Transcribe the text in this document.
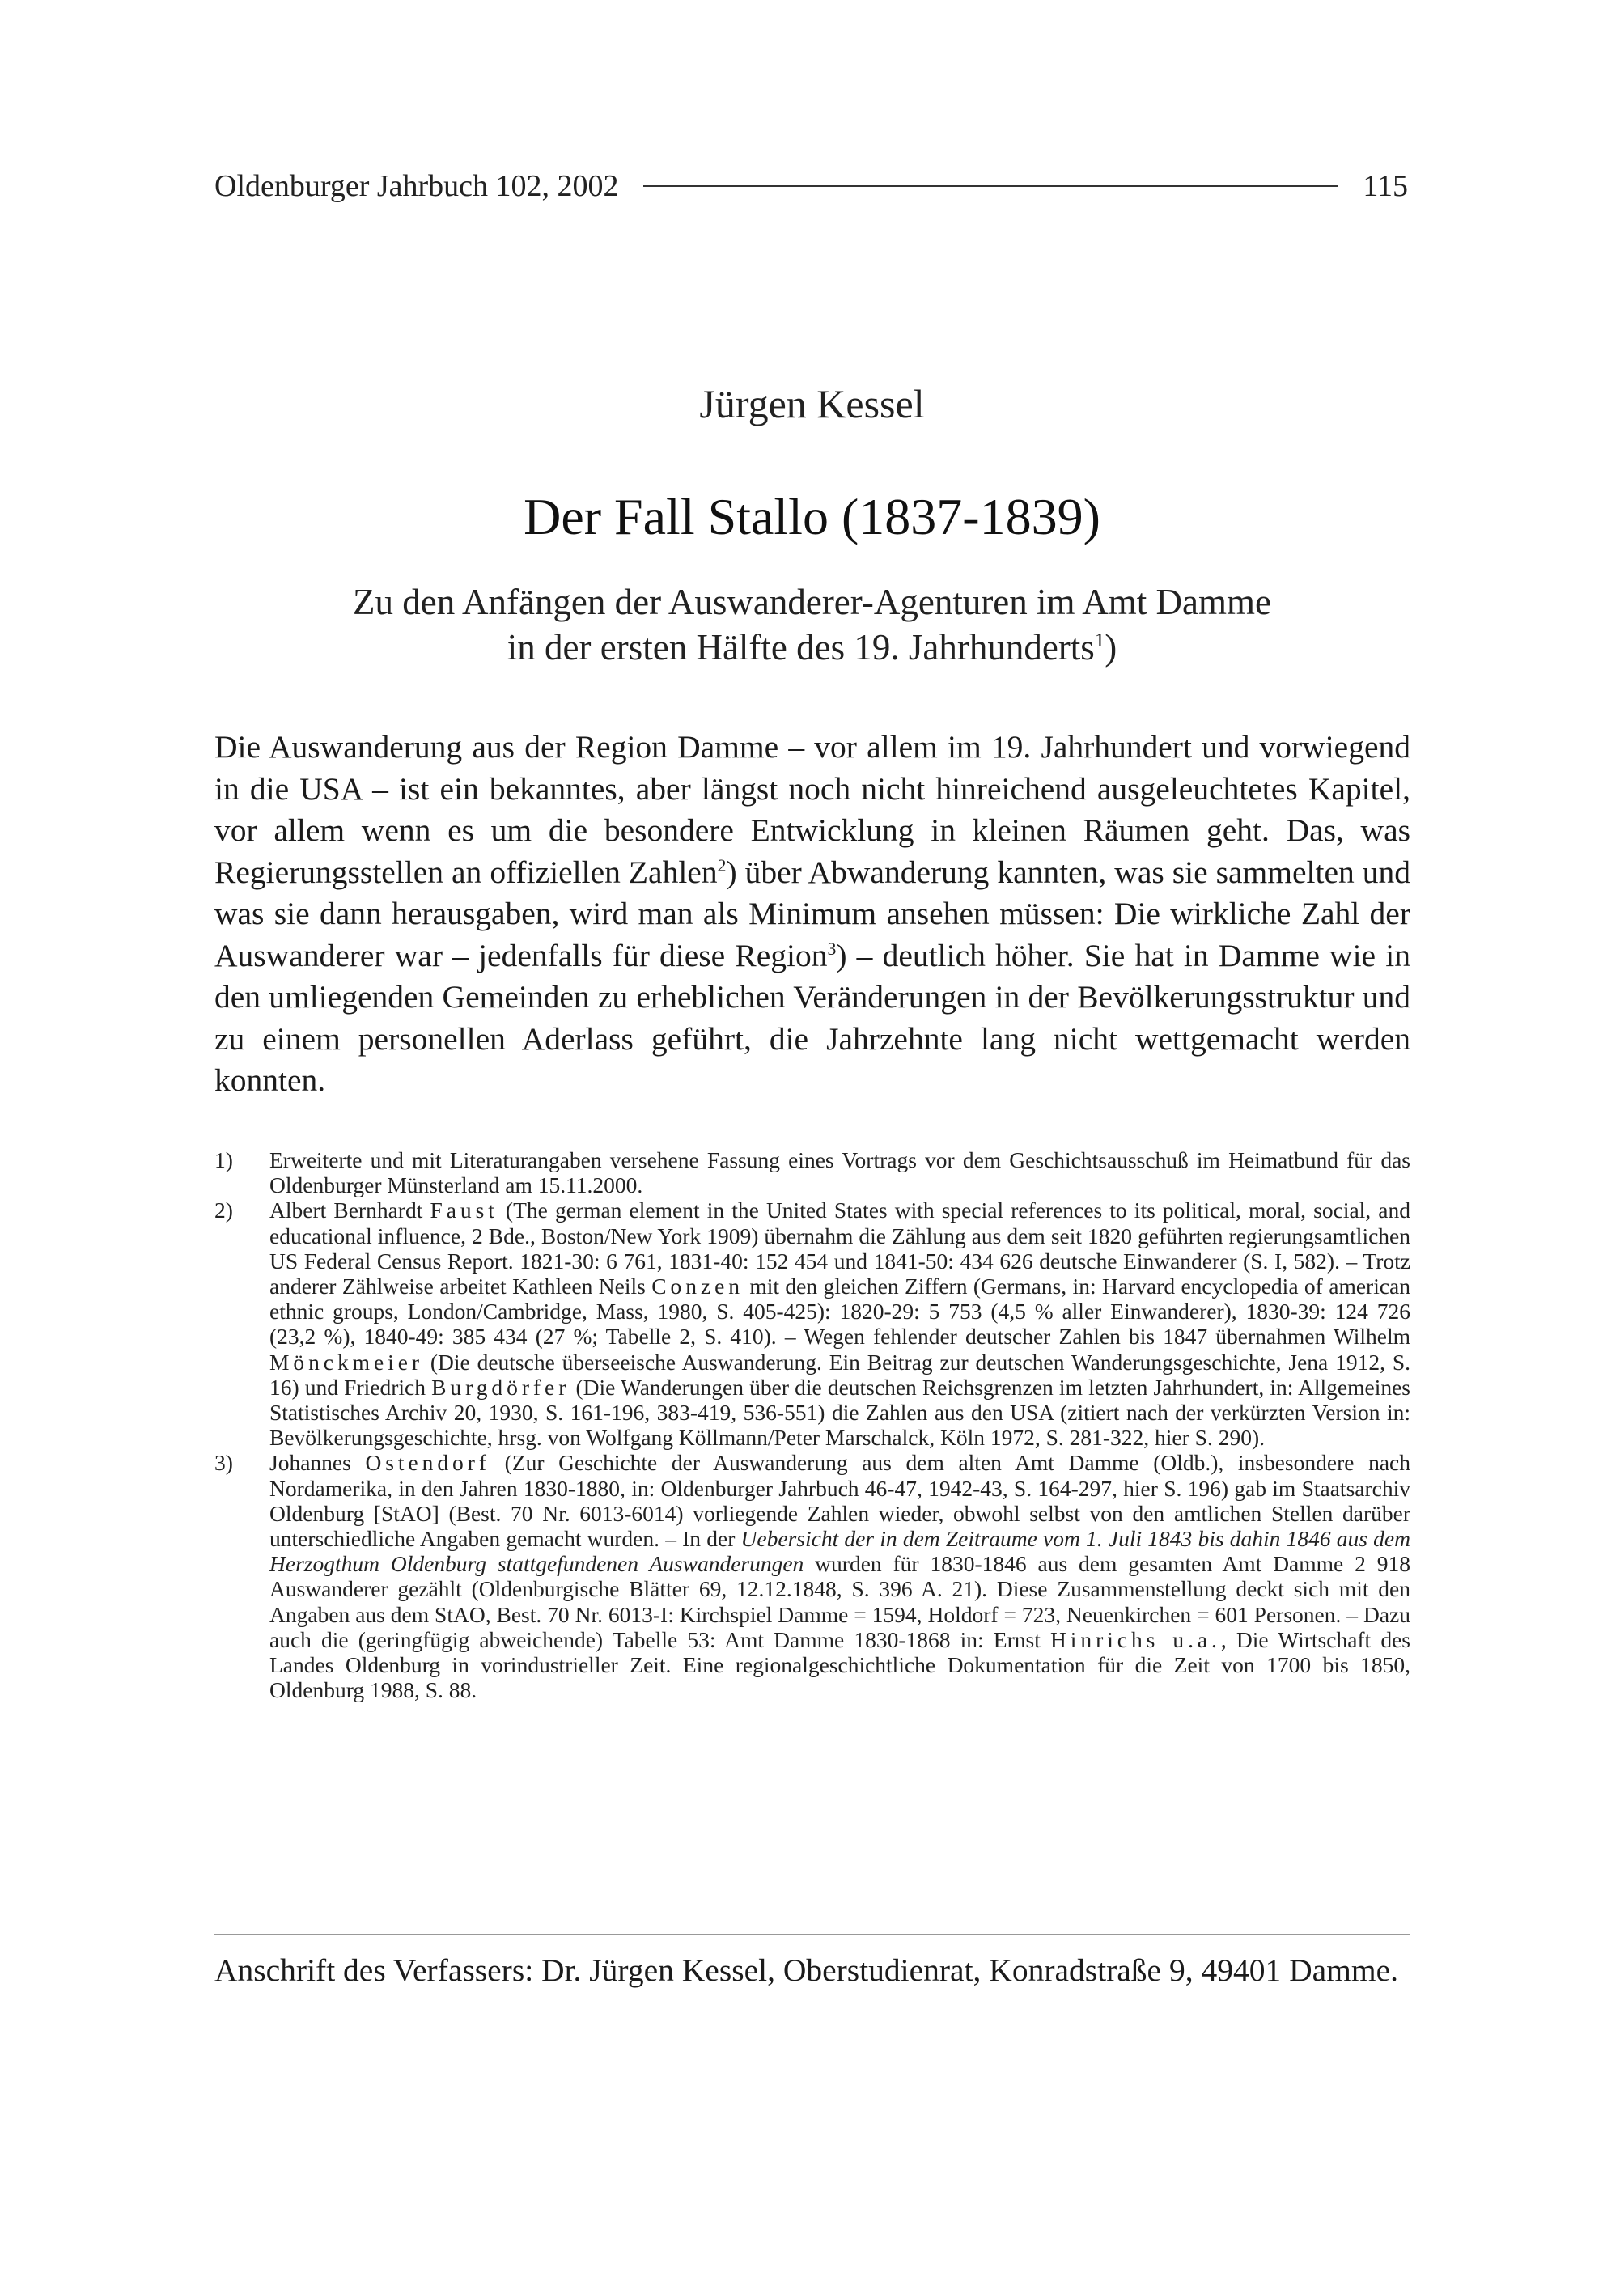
Oldenburger Jahrbuch 102, 2002	115
Jürgen Kessel
Der Fall Stallo (1837-1839)
Zu den Anfängen der Auswanderer-Agenturen im Amt Damme
in der ersten Hälfte des 19. Jahrhunderts$^1$)
Die Auswanderung aus der Region Damme – vor allem im 19. Jahrhundert und vorwiegend in die USA – ist ein bekanntes, aber längst noch nicht hinreichend ausgeleuchtetes Kapitel, vor allem wenn es um die besondere Entwicklung in kleinen Räumen geht. Das, was Regierungsstellen an offiziellen Zahlen$^2$) über Abwanderung kannten, was sie sammelten und was sie dann herausgaben, wird man als Minimum ansehen müssen: Die wirkliche Zahl der Auswanderer war – jedenfalls für diese Region$^3$) – deutlich höher. Sie hat in Damme wie in den umliegenden Gemeinden zu erheblichen Veränderungen in der Bevölkerungsstruktur und zu einem personellen Aderlass geführt, die Jahrzehnte lang nicht wettgemacht werden konnten.
1)	Erweiterte und mit Literaturangaben versehene Fassung eines Vortrags vor dem Geschichtsausschuß im Heimatbund für das Oldenburger Münsterland am 15.11.2000.
2)	Albert Bernhardt Faust (The german element in the United States with special references to its political, moral, social, and educational influence, 2 Bde., Boston/New York 1909) übernahm die Zählung aus dem seit 1820 geführten regierungsamtlichen US Federal Census Report. 1821-30: 6 761, 1831-40: 152 454 und 1841-50: 434 626 deutsche Einwanderer (S. I, 582). – Trotz anderer Zählweise arbeitet Kathleen Neils Conzen mit den gleichen Ziffern (Germans, in: Harvard encyclopedia of american ethnic groups, London/Cambridge, Mass, 1980, S. 405-425): 1820-29: 5 753 (4,5 % aller Einwanderer), 1830-39: 124 726 (23,2 %), 1840-49: 385 434 (27 %; Tabelle 2, S. 410). – Wegen fehlender deutscher Zahlen bis 1847 übernahmen Wilhelm Mönckmeier (Die deutsche überseeische Auswanderung. Ein Beitrag zur deutschen Wanderungsgeschichte, Jena 1912, S. 16) und Friedrich Burgdörfer (Die Wanderungen über die deutschen Reichsgrenzen im letzten Jahrhundert, in: Allgemeines Statistisches Archiv 20, 1930, S. 161-196, 383-419, 536-551) die Zahlen aus den USA (zitiert nach der verkürzten Version in: Bevölkerungsgeschichte, hrsg. von Wolfgang Köllmann/Peter Marschalck, Köln 1972, S. 281-322, hier S. 290).
3)	Johannes Ostendorf (Zur Geschichte der Auswanderung aus dem alten Amt Damme (Oldb.), insbesondere nach Nordamerika, in den Jahren 1830-1880, in: Oldenburger Jahrbuch 46-47, 1942-43, S. 164-297, hier S. 196) gab im Staatsarchiv Oldenburg [StAO] (Best. 70 Nr. 6013-6014) vorliegende Zahlen wieder, obwohl selbst von den amtlichen Stellen darüber unterschiedliche Angaben gemacht wurden. – In der Uebersicht der in dem Zeitraume vom 1. Juli 1843 bis dahin 1846 aus dem Herzogthum Oldenburg stattgefundenen Auswanderungen wurden für 1830-1846 aus dem gesamten Amt Damme 2 918 Auswanderer gezählt (Oldenburgische Blätter 69, 12.12.1848, S. 396 A. 21). Diese Zusammenstellung deckt sich mit den Angaben aus dem StAO, Best. 70 Nr. 6013-I: Kirchspiel Damme = 1594, Holdorf = 723, Neuenkirchen = 601 Personen. – Dazu auch die (geringfügig abweichende) Tabelle 53: Amt Damme 1830-1868 in: Ernst Hinrichs u.a., Die Wirtschaft des Landes Oldenburg in vorindustrieller Zeit. Eine regionalgeschichtliche Dokumentation für die Zeit von 1700 bis 1850, Oldenburg 1988, S. 88.
Anschrift des Verfassers: Dr. Jürgen Kessel, Oberstudienrat, Konradstraße 9, 49401 Damme.
